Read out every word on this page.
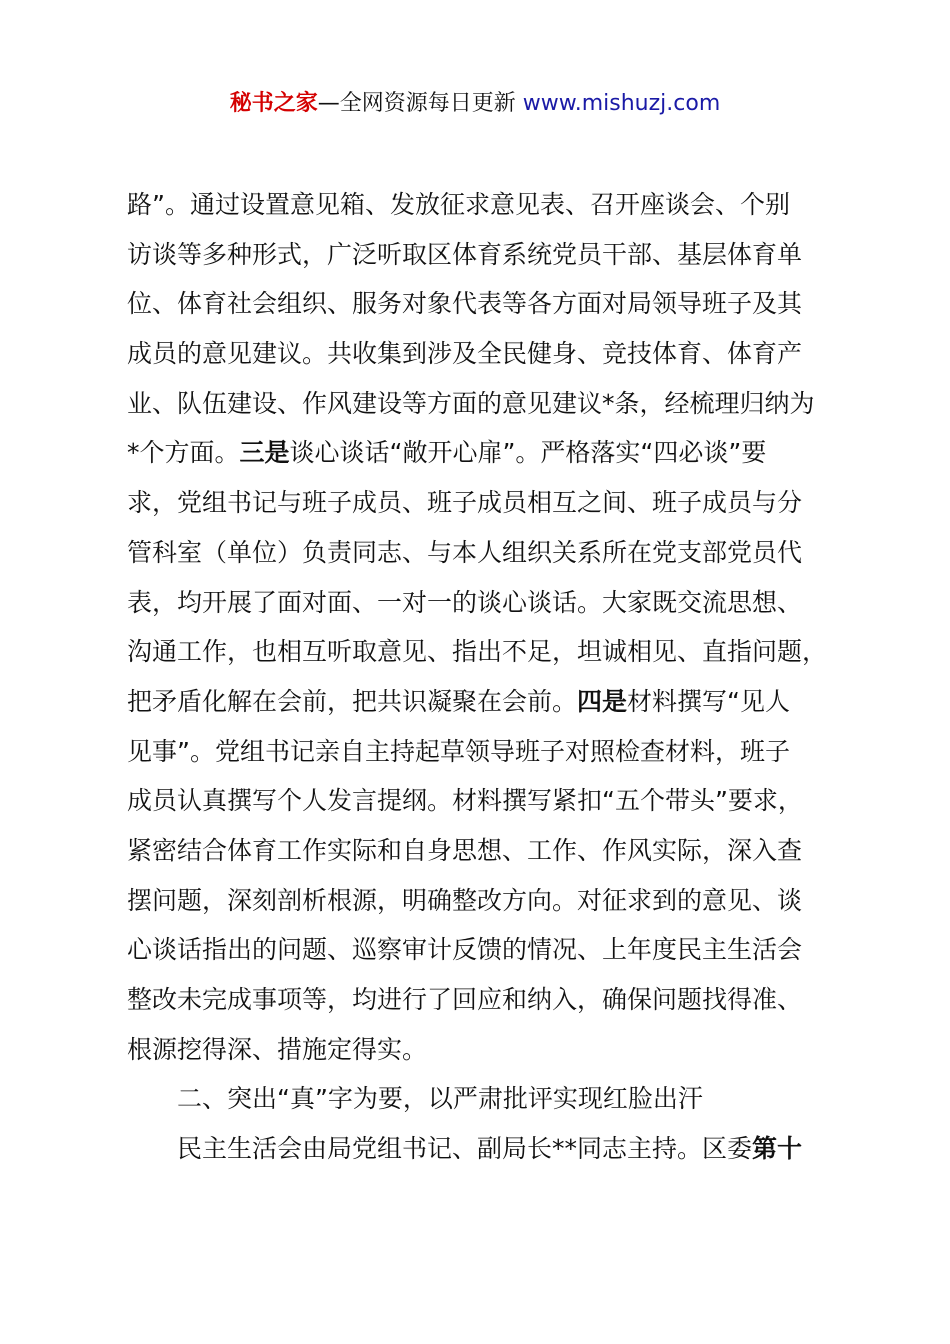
秘书之家—全网资源每日更新 www.mishuzj.com
路”。通过设置意见箱、发放征求意见表、召开座谈会、个别
访谈等多种形式，广泛听取区体育系统党员干部、基层体育单
位、体育社会组织、服务对象代表等各方面对局领导班子及其
成员的意见建议。共收集到涉及全民健身、竞技体育、体育产
业、队伍建设、作风建设等方面的意见建议*条，经梳理归纳为
*个方面。三是谈心谈话“敞开心扉”。严格落实“四必谈”要
求，党组书记与班子成员、班子成员相互之间、班子成员与分
管科室（单位）负责同志、与本人组织关系所在党支部党员代
表，均开展了面对面、一对一的谈心谈话。大家既交流思想、
沟通工作，也相互听取意见、指出不足，坦诚相见、直指问题，
把矛盾化解在会前，把共识凝聚在会前。四是材料撰写“见人
见事”。党组书记亲自主持起草领导班子对照检查材料，班子
成员认真撰写个人发言提纲。材料撰写紧扣“五个带头”要求，
紧密结合体育工作实际和自身思想、工作、作风实际，深入查
摆问题，深刻剖析根源，明确整改方向。对征求到的意见、谈
心谈话指出的问题、巡察审计反馈的情况、上年度民主生活会
整改未完成事项等，均进行了回应和纳入，确保问题找得准、
根源挖得深、措施定得实。
二、突出“真”字为要，以严肃批评实现红脸出汗
民主生活会由局党组书记、副局长**同志主持。区委第十
